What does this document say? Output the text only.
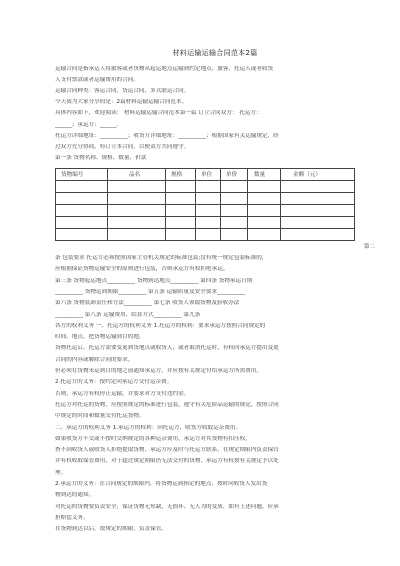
材料运输运输合同范本2篇
运输合同是指承运人将旅客或者货物从起运地点运输到约定地点，旅客、托运人或者收货
人支付票款或者运输费用的合同。
运输合同种类：客运合同、货运合同、多式联运合同。
今天我为大家分享的是：2篇材料运输运输合同范本。
具体内容如下，欢迎阅读： 材料运输运输合同范本第一篇 订立合同双方： 托运方：
______；承运方：______。
托运方详细地址：__________；收货方详细地址：__________；根据国家有关运输规定，经
过双方充分协商，特订立本合同，以便双方共同遵守。
第一条 货物名称、规格、数量、价款
货物编号	品名	规格	单位 单价	数量	金额（元）
第二
条 包装要求 托运方必须按照国家主管机关规定的标准包装;没有统一规定包装标准的，
应根据保证货物运输安全的原则进行包装，否则承运方有权拒绝承运。
第三条 货物起运地点__________ 货物到达地点__________ 第四条 货物承运日期
__________ 货物运到期限__________ 第五条 运输质量及安全要求__________
第六条 货物装卸责任和方法__________ 第七条 收货人领取货物及验收办法
__________ 第八条 运输费用、结算方式__________ 第九条
各方的权利义务 一、托运方的权利义务 1.托运方的权利：要求承运方按照合同规定的
时间、地点，把货物运输到目的地。
货物托运后，托运方需要变更到货地点或收货人，或者取消托运时，有权向承运方提出变更
合同的内容或解除合同的要求。
但必须在货物未运到目的地之前通知承运方，并应按有关规定付给承运方所需费用。
2.托运方的义务：按约定向承运方交付运杂费。
否则，承运方有权停止运输，并要求对方支付违约金。
托运方对托运的货物，应按照规定的标准进行包装，遵守有关危险品运输的规定，按照合同
中规定的时间和数量交付托运货物。
二、承运方的权利义务 1.承运方的权利：向托运方、收货方收取运杂费用。
如果收货方不交或不按时交纳规定的各种运杂费用，承运方对其货物有扣压权。
查不到收货人或收货人拒绝提取货物，承运方应及时与托运方联系，在规定期限内负责保管
并有权收取保管费用，对于超过规定期限仍无法交付的货物，承运方有权按有关规定予以处
理。
2.承运方的义务：在合同规定的期限内，将货物运到指定的地点，按时向收货人发出货
物到达的通知。
对托运的货物要负责安全，保证货物无短缺、无损坏、无人为的变质，如有上述问题，应承
担赔偿义务。
在货物到达以后，按规定的期限，负责保管。
